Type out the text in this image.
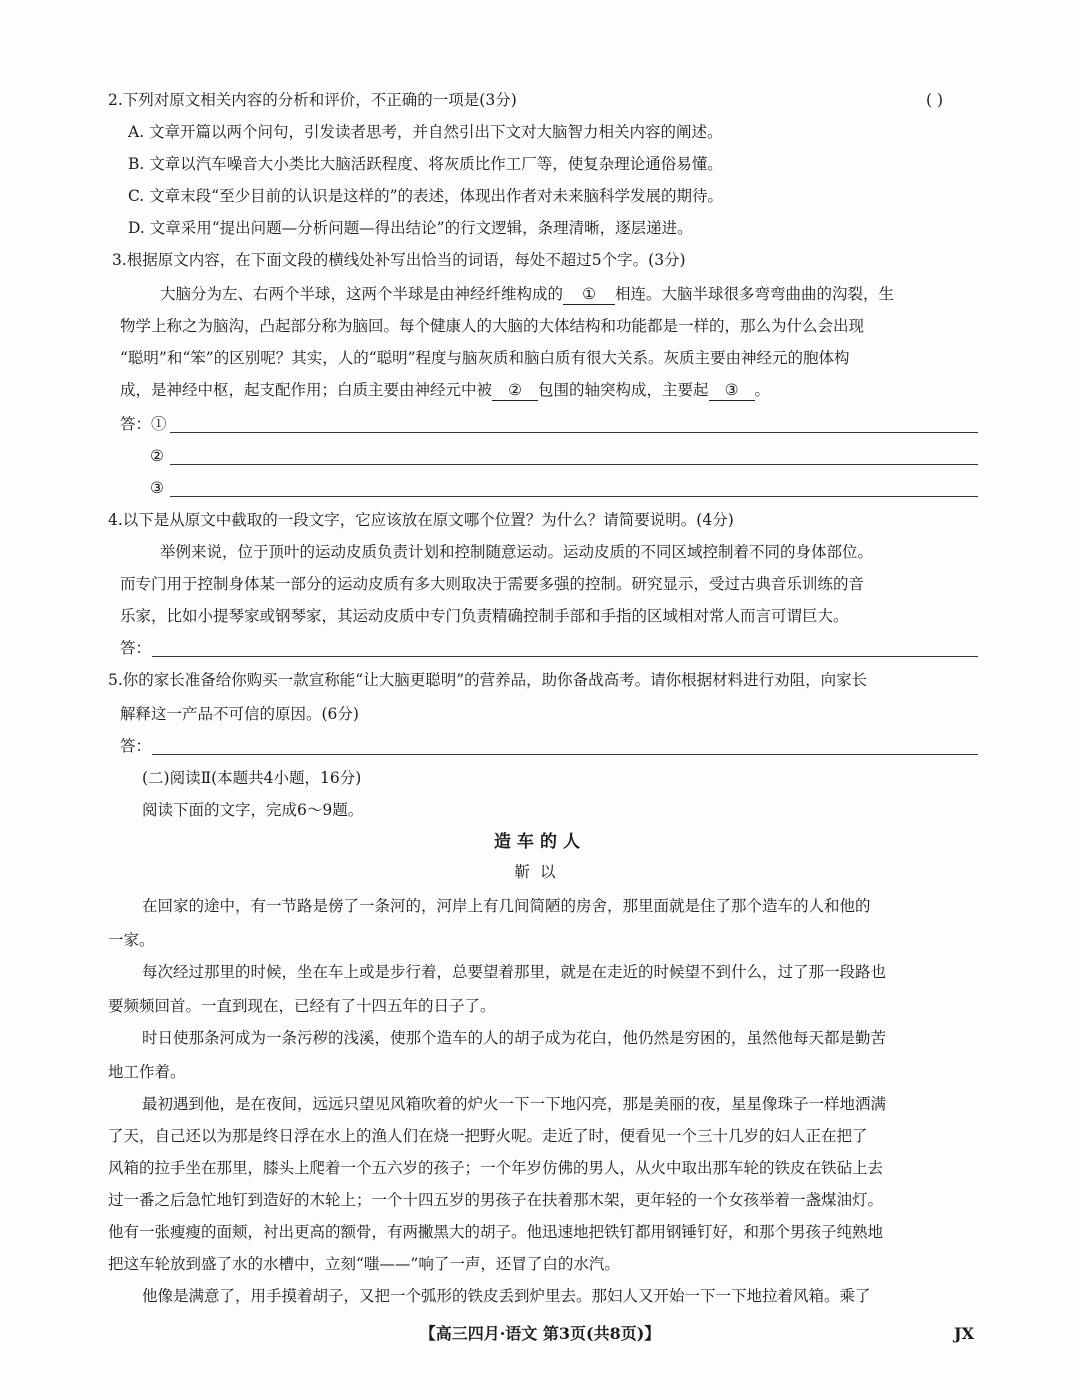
2.下列对原文相关内容的分析和评价，不正确的一项是(3分)	( )
A. 文章开篇以两个问句，引发读者思考，并自然引出下文对大脑智力相关内容的阐述。
B. 文章以汽车噪音大小类比大脑活跃程度、将灰质比作工厂等，使复杂理论通俗易懂。
C. 文章末段“至少目前的认识是这样的”的表述，体现出作者对未来脑科学发展的期待。
D. 文章采用“提出问题—分析问题—得出结论”的行文逻辑，条理清晰，逐层递进。
3.根据原文内容，在下面文段的横线处补写出恰当的词语，每处不超过5个字。(3分)
大脑分为左、右两个半球，这两个半球是由神经纤维构成的 ① 相连。大脑半球很多弯弯曲曲的沟裂，生
物学上称之为脑沟，凸起部分称为脑回。每个健康人的大脑的大体结构和功能都是一样的，那么为什么会出现
“聪明”和“笨”的区别呢？其实，人的“聪明”程度与脑灰质和脑白质有很大关系。灰质主要由神经元的胞体构
成，是神经中枢，起支配作用；白质主要由神经元中被 ② 包围的轴突构成，主要起 ③ 。
答：①
②
③
4.以下是从原文中截取的一段文字，它应该放在原文哪个位置？为什么？请简要说明。(4分)
举例来说，位于顶叶的运动皮质负责计划和控制随意运动。运动皮质的不同区域控制着不同的身体部位。
而专门用于控制身体某一部分的运动皮质有多大则取决于需要多强的控制。研究显示，受过古典音乐训练的音
乐家，比如小提琴家或钢琴家，其运动皮质中专门负责精确控制手部和手指的区域相对常人而言可谓巨大。
答：
5.你的家长准备给你购买一款宣称能“让大脑更聪明”的营养品，助你备战高考。请你根据材料进行劝阻，向家长
解释这一产品不可信的原因。(6分)
答：
(二)阅读Ⅱ(本题共4小题，16分)
阅读下面的文字，完成6～9题。
造车的人
靳以
在回家的途中，有一节路是傍了一条河的，河岸上有几间简陋的房舍，那里面就是住了那个造车的人和他的
一家。
每次经过那里的时候，坐在车上或是步行着，总要望着那里，就是在走近的时候望不到什么，过了那一段路也
要频频回首。一直到现在，已经有了十四五年的日子了。
时日使那条河成为一条污秽的浅溪，使那个造车的人的胡子成为花白，他仍然是穷困的，虽然他每天都是勤苦
地工作着。
最初遇到他，是在夜间，远远只望见风箱吹着的炉火一下一下地闪亮，那是美丽的夜，星星像珠子一样地洒满
了天，自己还以为那是终日浮在水上的渔人们在烧一把野火呢。走近了时，便看见一个三十几岁的妇人正在把了
风箱的拉手坐在那里，膝头上爬着一个五六岁的孩子；一个年岁仿佛的男人，从火中取出那车轮的铁皮在铁砧上去
过一番之后急忙地钉到造好的木轮上；一个十四五岁的男孩子在扶着那木架，更年轻的一个女孩举着一盏煤油灯。
他有一张瘦瘦的面颊，衬出更高的额骨，有两撇黑大的胡子。他迅速地把铁钉都用钢锤钉好，和那个男孩子纯熟地
把这车轮放到盛了水的水槽中，立刻“嗤——”响了一声，还冒了白的水汽。
他像是满意了，用手摸着胡子，又把一个弧形的铁皮丢到炉里去。那妇人又开始一下一下地拉着风箱。乘了
【高三四月·语文 第3页(共8页)】	JX
